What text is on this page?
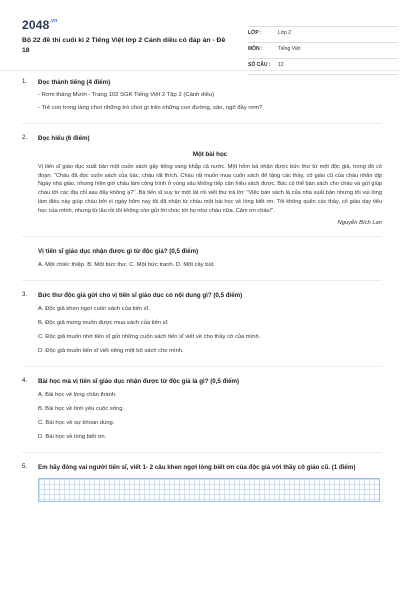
$2048^{.vn}$
Bộ 22 đề thi cuối kì 2 Tiếng Việt lớp 2 Cánh diều có đáp án - Đề 18
LỚP :	Lớp 2
MÔN :	Tiếng Việt
SỐ CÂU : 12
1. Đọc thành tiếng (4 điểm)
- Rơm tháng Mười - Trang 102 SGK Tiếng Việt 2 Tập 2 (Cánh diều)
- Trẻ con trong làng chơi những trò chơi gì trên những con đường, sân, ngõ đầy rơm?
2. Đọc hiểu (6 điểm)
Một bài học
Vị tiến sĩ giáo dục xuất bản một cuốn sách gây tiếng vang khắp cả nước. Một hôm bà nhận được bức thư từ một độc giả, trong đó có đoạn: "Cháu đã đọc cuốn sách của bác, cháu rất thích. Cháu rất muốn mua cuốn sách để tặng các thầy, cô giáo cũ của cháu nhân dịp Ngày nhà giáo, nhưng hiện giờ cháu làm công trình ở vùng sâu không tiếp cận hiệu sách được. Bác có thể bán sách cho cháu và gửi giúp cháu tới các địa chỉ sau đây không ạ?". Bà tiến sĩ suy tư một lát rồi viết thư trả lời: "Việc bán sách là của nhà xuất bản nhưng tôi vui lòng làm điều này giúp cháu bởi vì ngày hôm nay tôi đã nhận từ cháu một bài học về lòng biết ơn. Tôi không quên các thầy, cô giáo dạy tiểu học của mình, nhưng từ lâu rồi tôi không còn gửi lời chúc tới họ như cháu nữa. Cảm ơn cháu!".
Nguyễn Bích Lan
Vị tiến sĩ giáo dục nhận được gì từ độc giả? (0,5 điểm)
A. Một chiếc thiệp. B. Một bức thư. C. Một bức tranh. D. Một cây bút.
3. Bức thư độc giả gửi cho vị tiến sĩ giáo dục có nội dung gì? (0,5 điểm)
A. Độc giả khen ngợi cuốn sách của tiến sĩ.
B. Độc giả mong muốn được mua sách của tiến sĩ.
C. Độc giả muốn nhờ tiến sĩ gửi những cuốn sách tiến sĩ viết về cho thầy cô của mình.
D. Độc giả muốn tiến sĩ viết riêng một bộ sách cho mình.
4. Bài học mà vị tiến sĩ giáo dục nhận được từ độc giả là gì? (0,5 điểm)
A. Bài học về lòng chân thành.
B. Bài học về tình yêu cuộc sống.
C. Bài học về sự khoan dung.
D. Bài học về lòng biết ơn.
5. Em hãy đóng vai người tiến sĩ, viết 1- 2 câu khen ngợi lòng biết ơn của độc giả với thầy cô giáo cũ. (1 điểm)
